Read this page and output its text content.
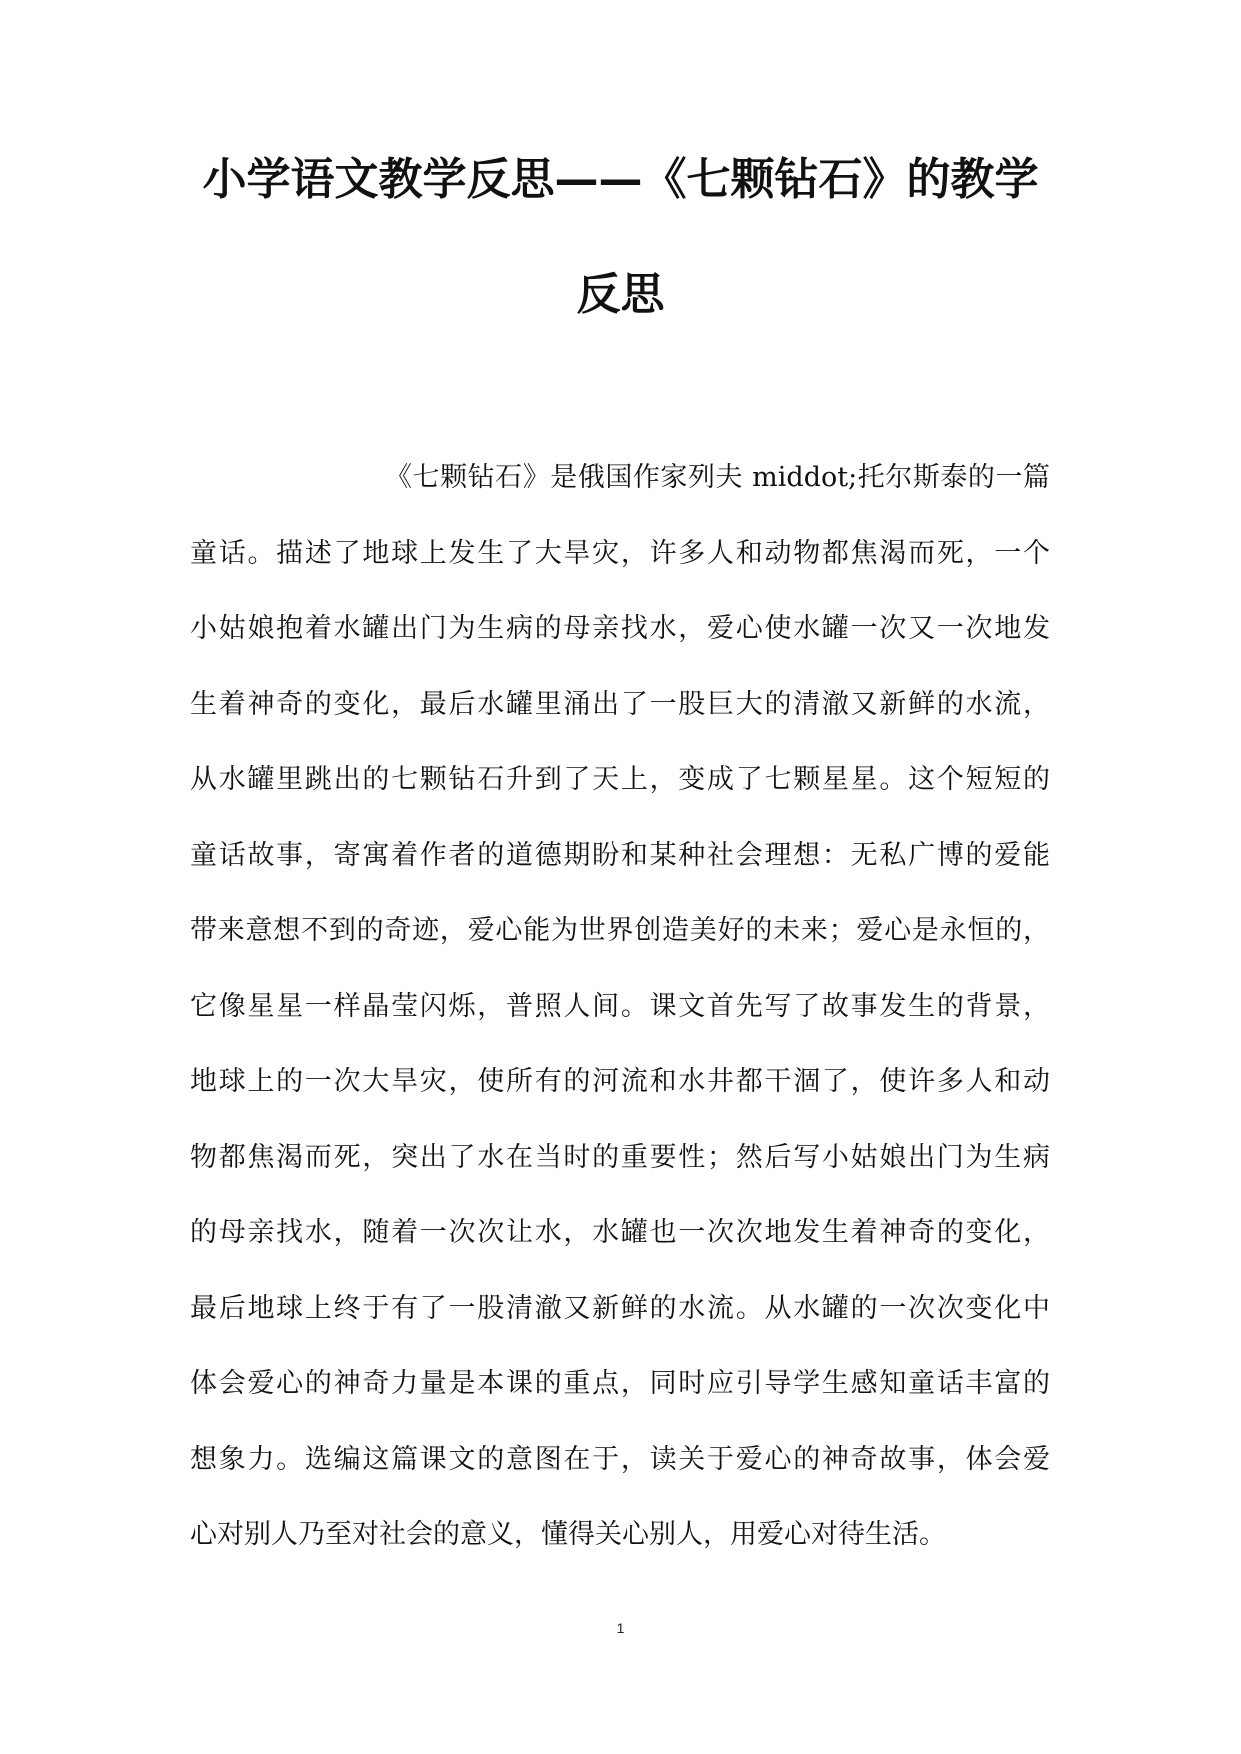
小学语文教学反思——《七颗钻石》的教学
反思
《七颗钻石》是俄国作家列夫 middot;托尔斯泰的一篇
童话。描述了地球上发生了大旱灾，许多人和动物都焦渴而死，一个
小姑娘抱着水罐出门为生病的母亲找水，爱心使水罐一次又一次地发
生着神奇的变化，最后水罐里涌出了一股巨大的清澈又新鲜的水流，
从水罐里跳出的七颗钻石升到了天上，变成了七颗星星。这个短短的
童话故事，寄寓着作者的道德期盼和某种社会理想：无私广博的爱能
带来意想不到的奇迹，爱心能为世界创造美好的未来；爱心是永恒的，
它像星星一样晶莹闪烁，普照人间。课文首先写了故事发生的背景，
地球上的一次大旱灾，使所有的河流和水井都干涸了，使许多人和动
物都焦渴而死，突出了水在当时的重要性；然后写小姑娘出门为生病
的母亲找水，随着一次次让水，水罐也一次次地发生着神奇的变化，
最后地球上终于有了一股清澈又新鲜的水流。从水罐的一次次变化中
体会爱心的神奇力量是本课的重点，同时应引导学生感知童话丰富的
想象力。选编这篇课文的意图在于，读关于爱心的神奇故事，体会爱
心对别人乃至对社会的意义，懂得关心别人，用爱心对待生活。
1
